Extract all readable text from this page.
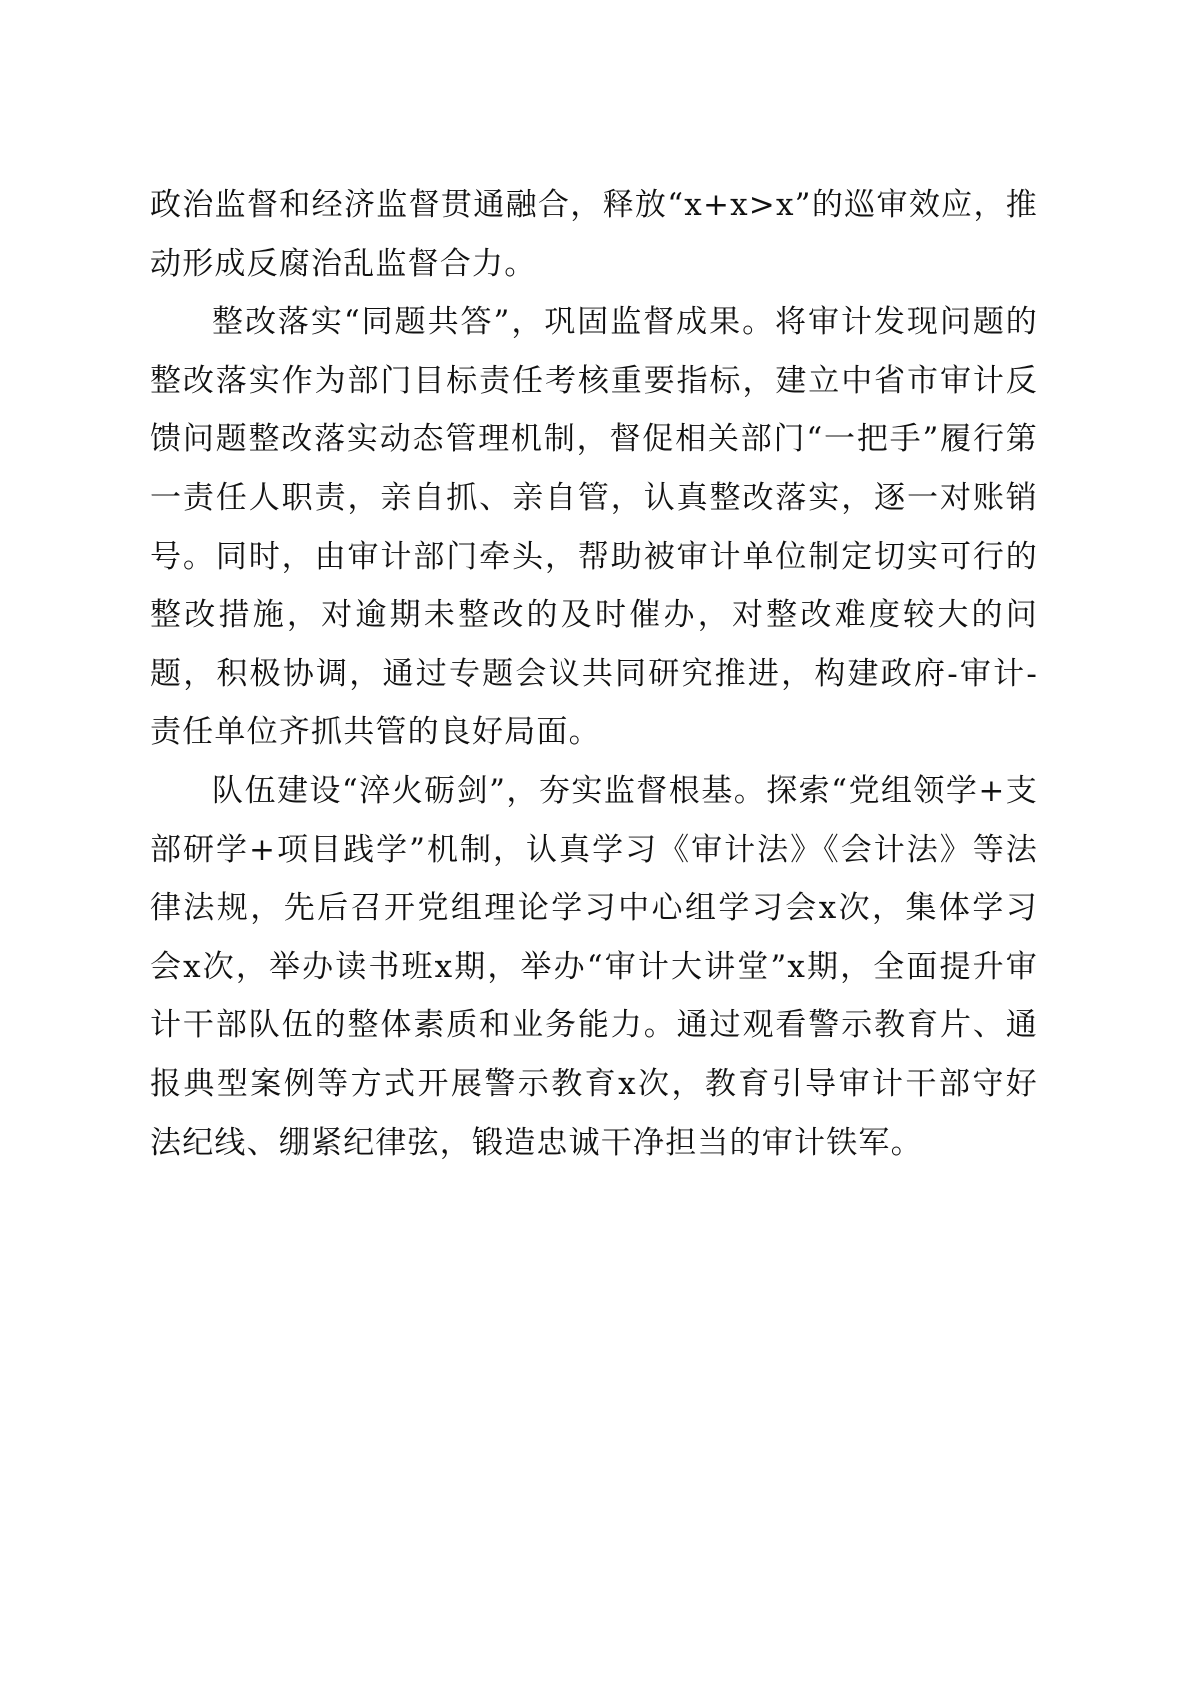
政治监督和经济监督贯通融合，释放“x+x>x”的巡审效应，推动形成反腐治乱监督合力。

整改落实“同题共答”，巩固监督成果。将审计发现问题的整改落实作为部门目标责任考核重要指标，建立中省市审计反馈问题整改落实动态管理机制，督促相关部门“一把手”履行第一责任人职责，亲自抓、亲自管，认真整改落实，逐一对账销号。同时，由审计部门牵头，帮助被审计单位制定切实可行的整改措施，对逾期未整改的及时催办，对整改难度较大的问题，积极协调，通过专题会议共同研究推进，构建政府-审计-责任单位齐抓共管的良好局面。

队伍建设“淬火砺剑”，夯实监督根基。探索“党组领学+支部研学+项目践学”机制，认真学习《审计法》《会计法》等法律法规，先后召开党组理论学习中心组学习会x次，集体学习会x次，举办读书班x期，举办“审计大讲堂”x期，全面提升审计干部队伍的整体素质和业务能力。通过观看警示教育片、通报典型案例等方式开展警示教育x次，教育引导审计干部守好法纪线、绷紧纪律弦，锻造忠诚干净担当的审计铁军。
